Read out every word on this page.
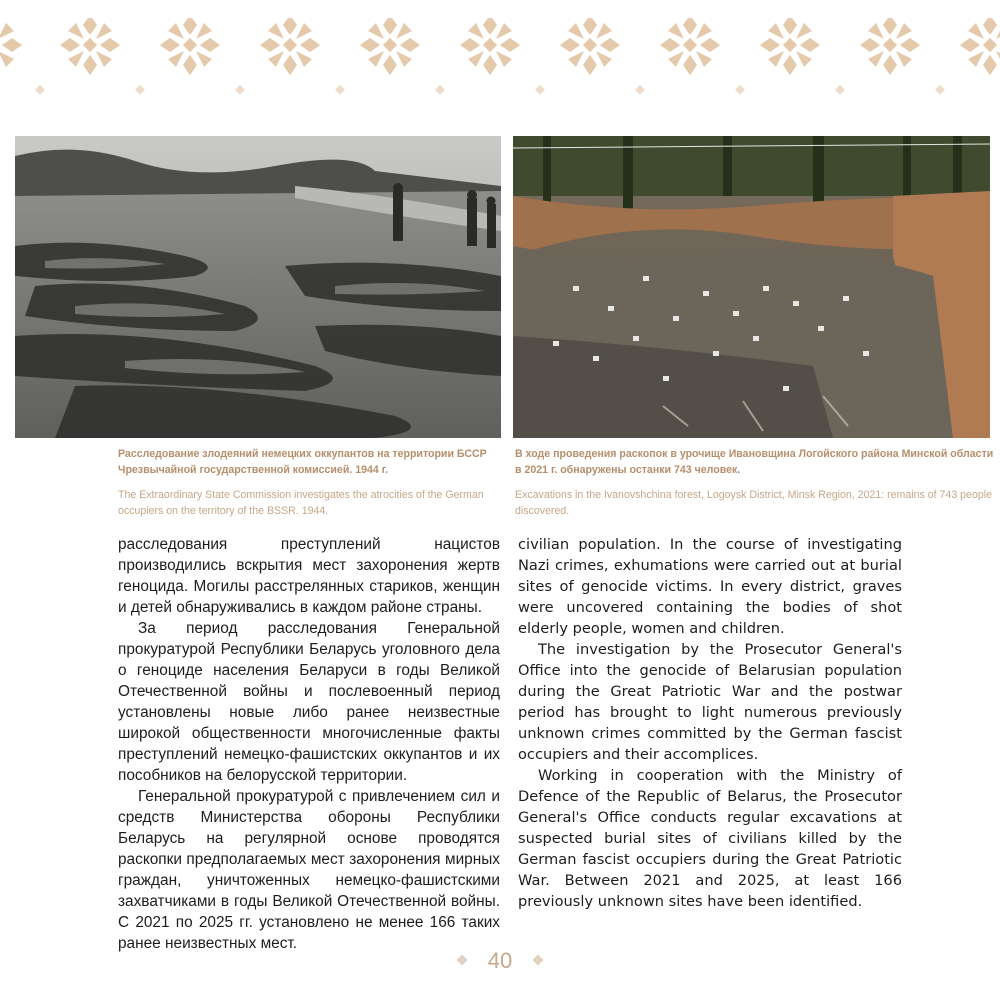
Расследование злодеяний немецких оккупантов на территории БССР Чрезвычайной государственной комиссией. 1944 г.
The Extraordinary State Commission investigates the atrocities of the German occupiers on the territory of the BSSR. 1944.
В ходе проведения раскопок в урочище Ивановщина Логойского района Минской области в 2021 г. обнаружены останки 743 человек.
Excavations in the Ivanovshchina forest, Logoysk District, Minsk Region, 2021: remains of 743 people discovered.

расследования преступлений нацистов производились вскрытия мест захоронения жертв геноцида. Могилы расстрелянных стариков, женщин и детей обнаруживались в каждом районе страны.

За период расследования Генеральной прокуратурой Республики Беларусь уголовного дела о геноциде населения Беларуси в годы Великой Отечественной войны и послевоенный период установлены новые либо ранее неизвестные широкой общественности многочисленные факты преступлений немецко-фашистских оккупантов и их пособников на белорусской территории.

Генеральной прокуратурой с привлечением сил и средств Министерства обороны Республики Беларусь на регулярной основе проводятся раскопки предполагаемых мест захоронения мирных граждан, уничтоженных немецко-фашистскими захватчиками в годы Великой Отечественной войны. С 2021 по 2025 гг. установлено не менее 166 таких ранее неизвестных мест.

civilian population. In the course of investigating Nazi crimes, exhumations were carried out at burial sites of genocide victims. In every district, graves were uncovered containing the bodies of shot elderly people, women and children.

The investigation by the Prosecutor General's Office into the genocide of Belarusian population during the Great Patriotic War and the postwar period has brought to light numerous previously unknown crimes committed by the German fascist occupiers and their accomplices.

Working in cooperation with the Ministry of Defence of the Republic of Belarus, the Prosecutor General's Office conducts regular excavations at suspected burial sites of civilians killed by the German fascist occupiers during the Great Patriotic War. Between 2021 and 2025, at least 166 previously unknown sites have been identified.

40
